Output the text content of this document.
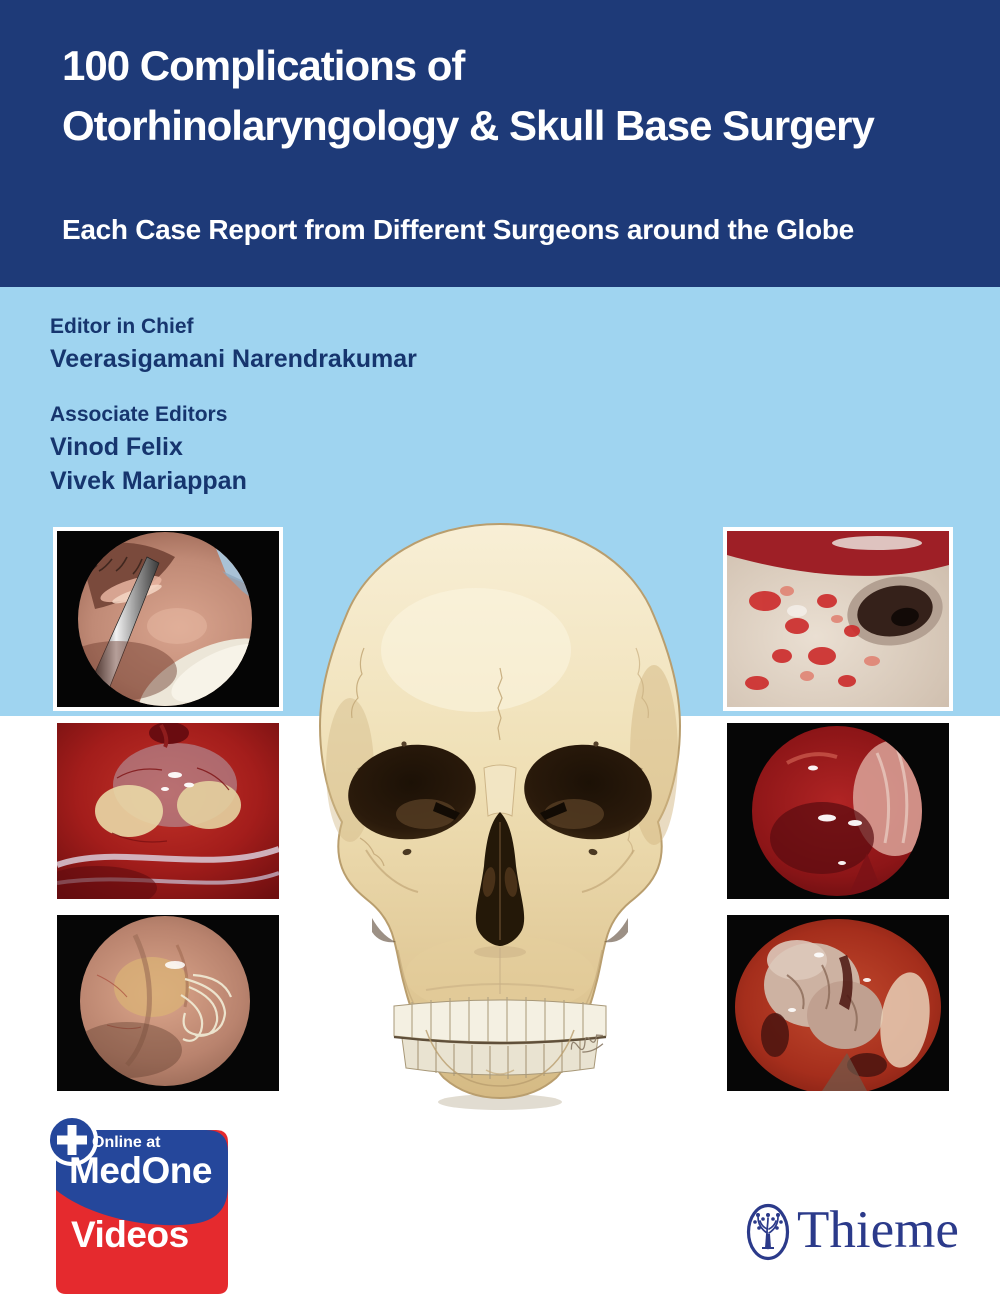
100 Complications of
Otorhinolaryngology & Skull Base Surgery
Each Case Report from Different Surgeons around the Globe
Editor in Chief
Veerasigamani Narendrakumar
Associate Editors
Vinod Felix
Vivek Mariappan
Online at
MedOne
Videos	Thieme
